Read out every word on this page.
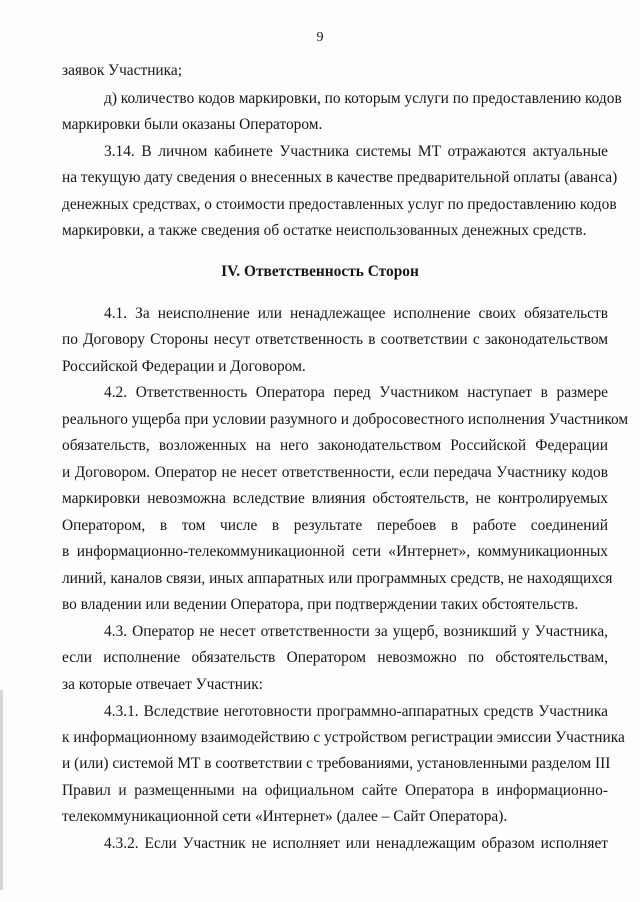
9
заявок Участника;
д) количество кодов маркировки, по которым услуги по предоставлению кодов
маркировки были оказаны Оператором.
3.14. В личном кабинете Участника системы МТ отражаются актуальные
на текущую дату сведения о внесенных в качестве предварительной оплаты (аванса)
денежных средствах, о стоимости предоставленных услуг по предоставлению кодов
маркировки, а также сведения об остатке неиспользованных денежных средств.
IV. Ответственность Сторон
4.1. За неисполнение или ненадлежащее исполнение своих обязательств
по Договору Стороны несут ответственность в соответствии с законодательством
Российской Федерации и Договором.
4.2. Ответственность Оператора перед Участником наступает в размере
реального ущерба при условии разумного и добросовестного исполнения Участником
обязательств, возложенных на него законодательством Российской Федерации
и Договором. Оператор не несет ответственности, если передача Участнику кодов
маркировки невозможна вследствие влияния обстоятельств, не контролируемых
Оператором, в том числе в результате перебоев в работе соединений
в информационно-телекоммуникационной сети «Интернет», коммуникационных
линий, каналов связи, иных аппаратных или программных средств, не находящихся
во владении или ведении Оператора, при подтверждении таких обстоятельств.
4.3. Оператор не несет ответственности за ущерб, возникший у Участника,
если исполнение обязательств Оператором невозможно по обстоятельствам,
за которые отвечает Участник:
4.3.1. Вследствие неготовности программно-аппаратных средств Участника
к информационному взаимодействию с устройством регистрации эмиссии Участника
и (или) системой МТ в соответствии с требованиями, установленными разделом III
Правил и размещенными на официальном сайте Оператора в информационно-
телекоммуникационной сети «Интернет» (далее – Сайт Оператора).
4.3.2. Если Участник не исполняет или ненадлежащим образом исполняет
